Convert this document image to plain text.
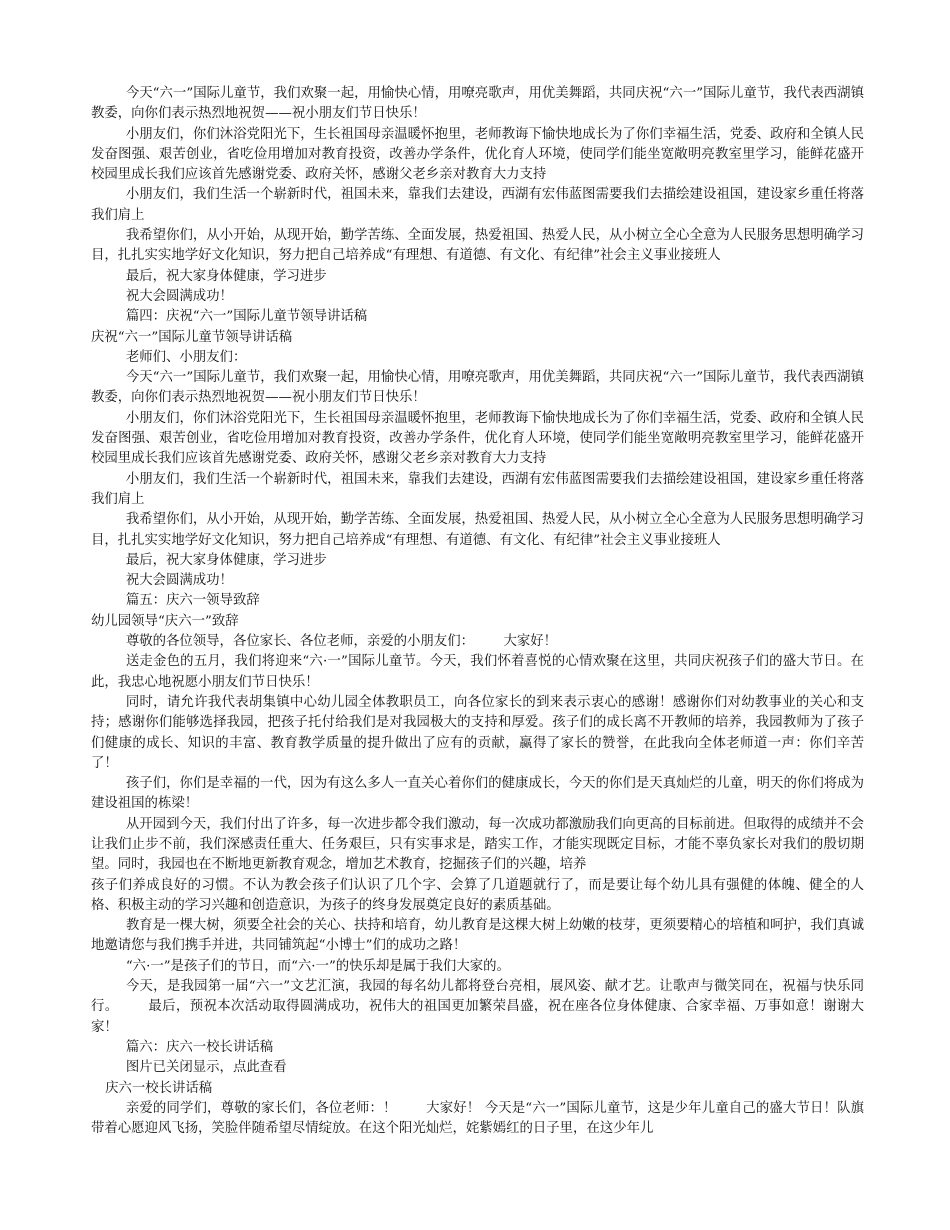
今天“六一”国际儿童节，我们欢聚一起，用愉快心情，用嘹亮歌声，用优美舞蹈，共同庆祝“六一”国际儿童节，我代表西湖镇教委，向你们表示热烈地祝贺——祝小朋友们节日快乐！

小朋友们，你们沐浴党阳光下，生长祖国母亲温暖怀抱里，老师教诲下愉快地成长为了你们幸福生活，党委、政府和全镇人民发奋图强、艰苦创业，省吃俭用增加对教育投资，改善办学条件，优化育人环境，使同学们能坐宽敞明亮教室里学习，能鲜花盛开校园里成长我们应该首先感谢党委、政府关怀，感谢父老乡亲对教育大力支持

小朋友们，我们生活一个崭新时代，祖国未来，靠我们去建设，西湖有宏伟蓝图需要我们去描绘建设祖国，建设家乡重任将落我们肩上

我希望你们，从小开始，从现开始，勤学苦练、全面发展，热爱祖国、热爱人民，从小树立全心全意为人民服务思想明确学习目，扎扎实实地学好文化知识，努力把自己培养成“有理想、有道德、有文化、有纪律”社会主义事业接班人

最后，祝大家身体健康，学习进步

祝大会圆满成功！

篇四：庆祝“六一”国际儿童节领导讲话稿

庆祝“六一”国际儿童节领导讲话稿

老师们、小朋友们：

今天“六一”国际儿童节，我们欢聚一起，用愉快心情，用嘹亮歌声，用优美舞蹈，共同庆祝“六一”国际儿童节，我代表西湖镇教委，向你们表示热烈地祝贺——祝小朋友们节日快乐！

小朋友们，你们沐浴党阳光下，生长祖国母亲温暖怀抱里，老师教诲下愉快地成长为了你们幸福生活，党委、政府和全镇人民发奋图强、艰苦创业，省吃俭用增加对教育投资，改善办学条件，优化育人环境，使同学们能坐宽敞明亮教室里学习，能鲜花盛开校园里成长我们应该首先感谢党委、政府关怀，感谢父老乡亲对教育大力支持

小朋友们，我们生活一个崭新时代，祖国未来，靠我们去建设，西湖有宏伟蓝图需要我们去描绘建设祖国，建设家乡重任将落我们肩上

我希望你们，从小开始，从现开始，勤学苦练、全面发展，热爱祖国、热爱人民，从小树立全心全意为人民服务思想明确学习目，扎扎实实地学好文化知识，努力把自己培养成“有理想、有道德、有文化、有纪律”社会主义事业接班人

最后，祝大家身体健康，学习进步

祝大会圆满成功！

篇五：庆六一领导致辞

幼儿园领导“庆六一”致辞

尊敬的各位领导，各位家长、各位老师，亲爱的小朋友们： 大家好！

送走金色的五月，我们将迎来“六·一”国际儿童节。今天，我们怀着喜悦的心情欢聚在这里，共同庆祝孩子们的盛大节日。在此，我忠心地祝愿小朋友们节日快乐！

同时，请允许我代表胡集镇中心幼儿园全体教职员工，向各位家长的到来表示衷心的感谢！感谢你们对幼教事业的关心和支持；感谢你们能够选择我园，把孩子托付给我们是对我园极大的支持和厚爱。孩子们的成长离不开教师的培养，我园教师为了孩子们健康的成长、知识的丰富、教育教学质量的提升做出了应有的贡献，赢得了家长的赞誉，在此我向全体老师道一声：你们辛苦了！

孩子们，你们是幸福的一代，因为有这么多人一直关心着你们的健康成长，今天的你们是天真灿烂的儿童，明天的你们将成为建设祖国的栋梁！

从开园到今天，我们付出了许多，每一次进步都令我们激动，每一次成功都激励我们向更高的目标前进。但取得的成绩并不会让我们止步不前，我们深感责任重大、任务艰巨，只有实事求是，踏实工作，才能实现既定目标，才能不辜负家长对我们的殷切期望。同时，我园也在不断地更新教育观念，增加艺术教育，挖掘孩子们的兴趣，培养

孩子们养成良好的习惯。不认为教会孩子们认识了几个字、会算了几道题就行了，而是要让每个幼儿具有强健的体魄、健全的人格、积极主动的学习兴趣和创造意识，为孩子的终身发展奠定良好的素质基础。

教育是一棵大树，须要全社会的关心、扶持和培育，幼儿教育是这棵大树上幼嫩的枝芽，更须要精心的培植和呵护，我们真诚地邀请您与我们携手并进，共同铺筑起“小博士”们的成功之路！

“六·一”是孩子们的节日，而“六·一”的快乐却是属于我们大家的。

今天，是我园第一届“六一”文艺汇演，我园的每名幼儿都将登台亮相，展风姿、献才艺。让歌声与微笑同在，祝福与快乐同行。 最后，预祝本次活动取得圆满成功，祝伟大的祖国更加繁荣昌盛，祝在座各位身体健康、合家幸福、万事如意！谢谢大家！

篇六：庆六一校长讲话稿

图片已关闭显示，点此查看

庆六一校长讲话稿

亲爱的同学们，尊敬的家长们，各位老师：！ 大家好！ 今天是“六一”国际儿童节，这是少年儿童自己的盛大节日！队旗带着心愿迎风飞扬，笑脸伴随希望尽情绽放。在这个阳光灿烂，姹紫嫣红的日子里，在这少年儿
